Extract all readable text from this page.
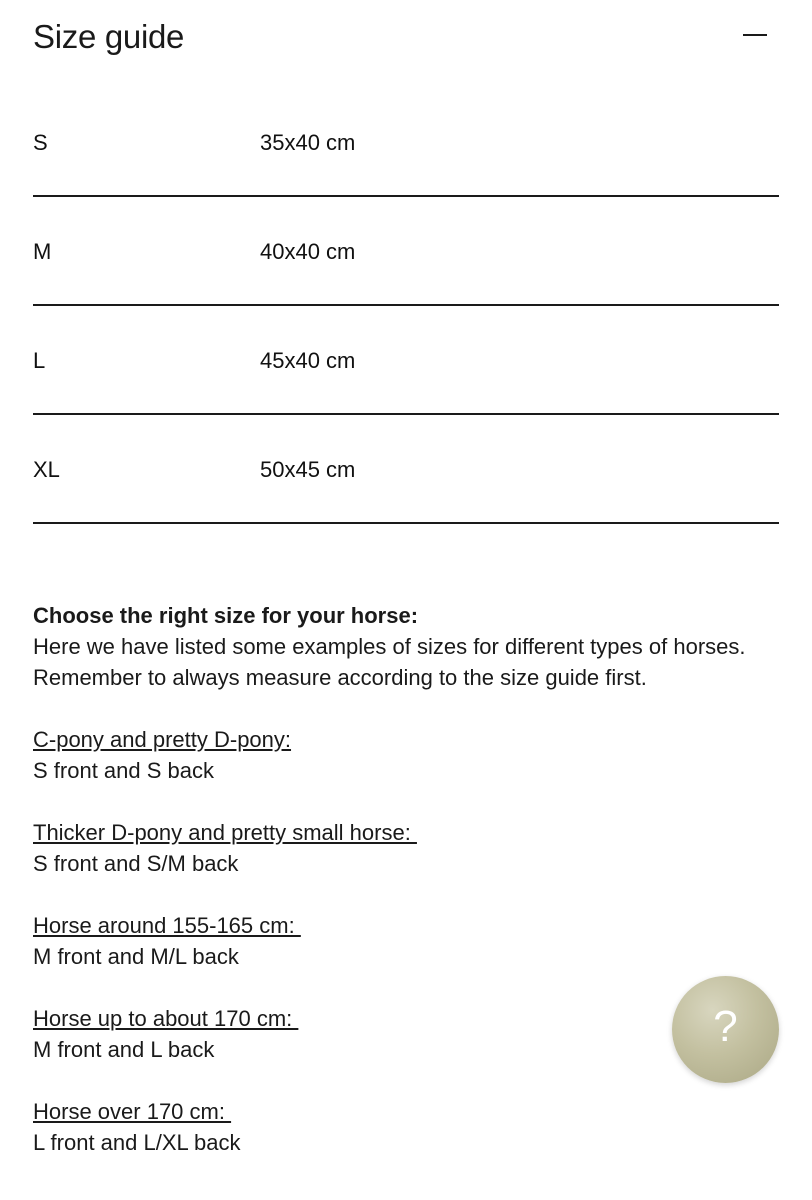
Size guide
S	35x40 cm
M	40x40 cm
L	45x40 cm
XL	50x45 cm
Choose the right size for your horse:

Here we have listed some examples of sizes for different types of horses. Remember to always measure according to the size guide first.

C-pony and pretty D-pony:
S front and S back
Thicker D-pony and pretty small horse:
S front and S/M back
Horse around 155-165 cm:
M front and M/L back
Horse up to about 170 cm:
M front and L back
Horse over 170 cm:
L front and L/XL back
?
